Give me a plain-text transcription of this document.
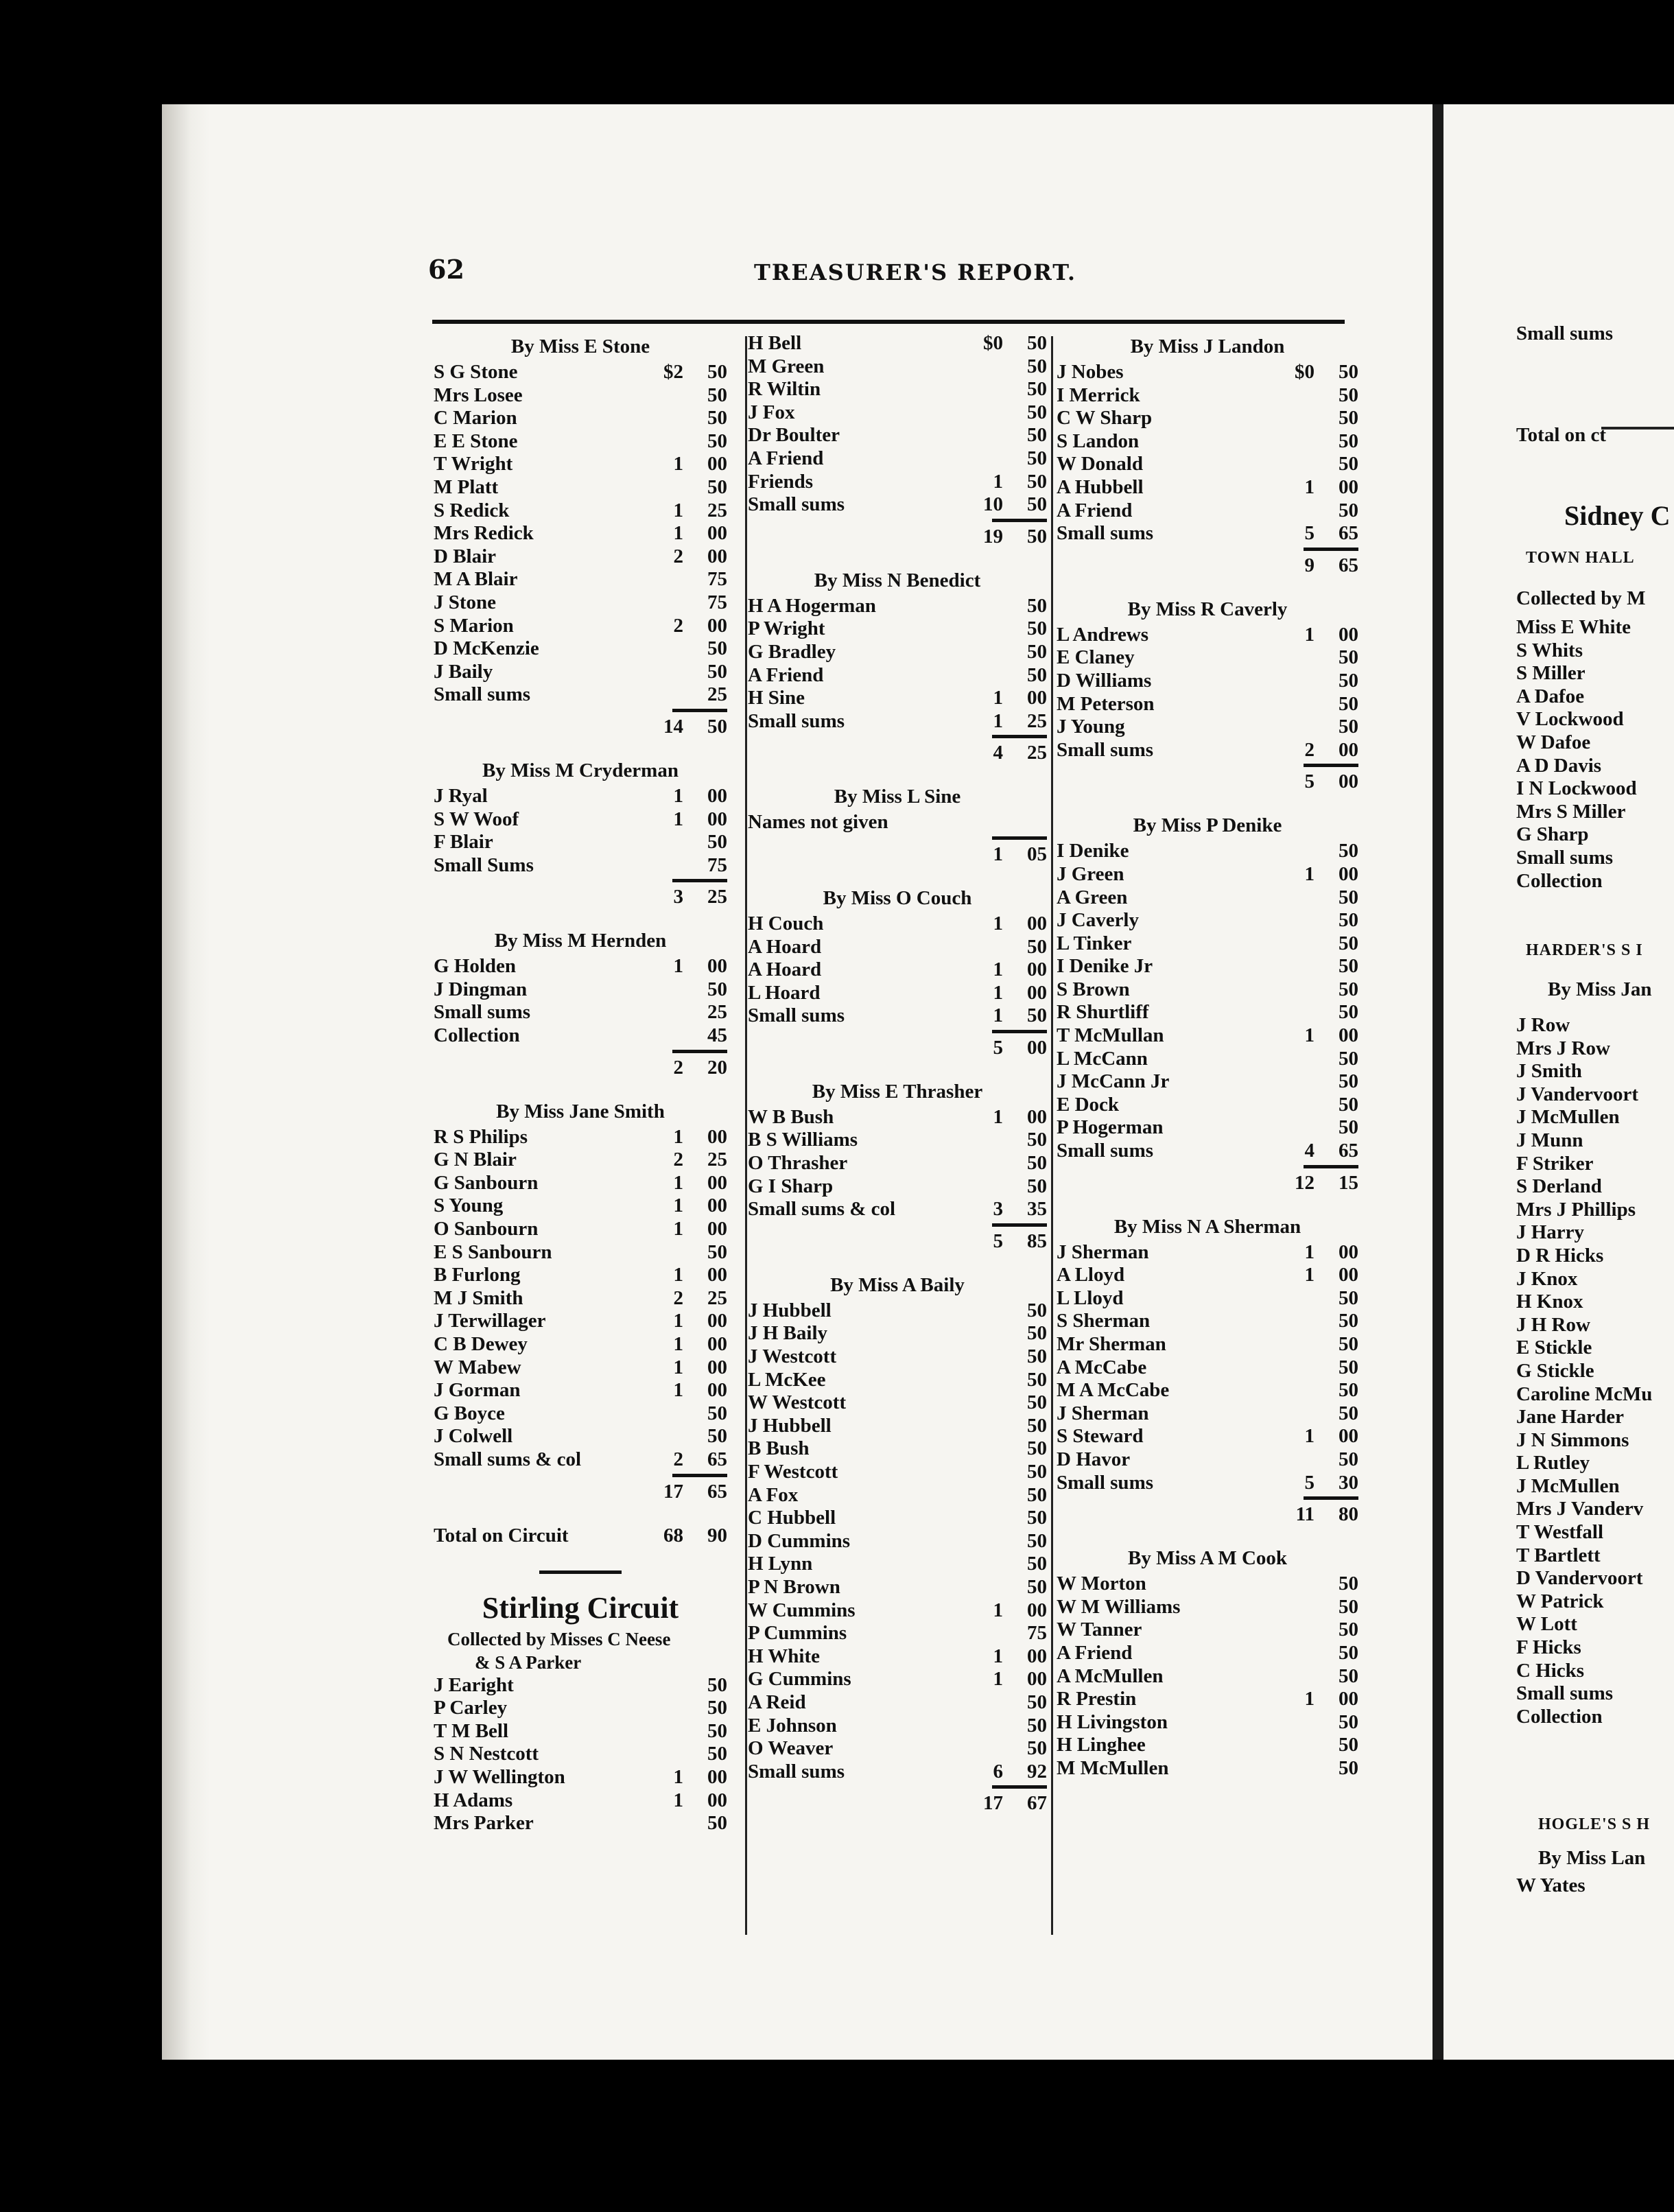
Small sums
Total on ct
Sidney C
TOWN HALL
Collected by M
Miss E White
S Whits
S Miller
A Dafoe
V Lockwood
W Dafoe
A D Davis
I N Lockwood
Mrs S Miller
G Sharp
Small sums
Collection
HARDER'S S I
By Miss Jan
J Row
Mrs J Row
J Smith
J Vandervoort
J McMullen
J Munn
F Striker
S Derland
Mrs J Phillips
J Harry
D R Hicks
J Knox
H Knox
J H Row
E Stickle
G Stickle
Caroline McMu
Jane Harder
J N Simmons
L Rutley
J McMullen
Mrs J Vanderv
T Westfall
T Bartlett
D Vandervoort
W Patrick
W Lott
F Hicks
C Hicks
Small sums
Collection
HOGLE'S S H
By Miss Lan
W Yates
62	TREASURER'S REPORT.
By Miss E Stone
S G Stone	$2	50
Mrs Losee	50
C Marion	50
E E Stone	50
T Wright	1	00
M Platt	50
S Redick	1	25
Mrs Redick	1	00
D Blair	2	00
M A Blair	75
J Stone	75
S Marion	2	00
D McKenzie	50
J Baily	50
Small sums	25
14	50
By Miss M Cryderman
J Ryal	1	00
S W Woof	1	00
F Blair	50
Small Sums	75
3	25
By Miss M Hernden
G Holden	1	00
J Dingman	50
Small sums	25
Collection	45
2	20
By Miss Jane Smith
R S Philips	1	00
G N Blair	2	25
G Sanbourn	1	00
S Young	1	00
O Sanbourn	1	00
E S Sanbourn	50
B Furlong	1	00
M J Smith	2	25
J Terwillager	1	00
C B Dewey	1	00
W Mabew	1	00
J Gorman	1	00
G Boyce	50
J Colwell	50
Small sums & col	2	65
17	65
Total on Circuit	68	90
Stirling Circuit
Collected by Misses C Neese
& S A Parker
J Earight	50
P Carley	50
T M Bell	50
S N Nestcott	50
J W Wellington	1	00
H Adams	1	00
Mrs Parker	50
H Bell	$0	50
M Green	50
R Wiltin	50
J Fox	50
Dr Boulter	50
A Friend	50
Friends	1	50
Small sums	10	50
19	50
By Miss N Benedict
H A Hogerman	50
P Wright	50
G Bradley	50
A Friend	50
H Sine	1	00
Small sums	1	25
4	25
By Miss L Sine
Names not given
1	05
By Miss O Couch
H Couch	1	00
A Hoard	50
A Hoard	1	00
L Hoard	1	00
Small sums	1	50
5	00
By Miss E Thrasher
W B Bush	1	00
B S Williams	50
O Thrasher	50
G I Sharp	50
Small sums & col	3	35
5	85
By Miss A Baily
J Hubbell	50
J H Baily	50
J Westcott	50
L McKee	50
W Westcott	50
J Hubbell	50
B Bush	50
F Westcott	50
A Fox	50
C Hubbell	50
D Cummins	50
H Lynn	50
P N Brown	50
W Cummins	1	00
P Cummins	75
H White	1	00
G Cummins	1	00
A Reid	50
E Johnson	50
O Weaver	50
Small sums	6	92
17	67
By Miss J Landon
J Nobes	$0	50
I Merrick	50
C W Sharp	50
S Landon	50
W Donald	50
A Hubbell	1	00
A Friend	50
Small sums	5	65
9	65
By Miss R Caverly
L Andrews	1	00
E Claney	50
D Williams	50
M Peterson	50
J Young	50
Small sums	2	00
5	00
By Miss P Denike
I Denike	50
J Green	1	00
A Green	50
J Caverly	50
L Tinker	50
I Denike Jr	50
S Brown	50
R Shurtliff	50
T McMullan	1	00
L McCann	50
J McCann Jr	50
E Dock	50
P Hogerman	50
Small sums	4	65
12	15
By Miss N A Sherman
J Sherman	1	00
A Lloyd	1	00
L Lloyd	50
S Sherman	50
Mr Sherman	50
A McCabe	50
M A McCabe	50
J Sherman	50
S Steward	1	00
D Havor	50
Small sums	5	30
11	80
By Miss A M Cook
W Morton	50
W M Williams	50
W Tanner	50
A Friend	50
A McMullen	50
R Prestin	1	00
H Livingston	50
H Linghee	50
M McMullen	50
